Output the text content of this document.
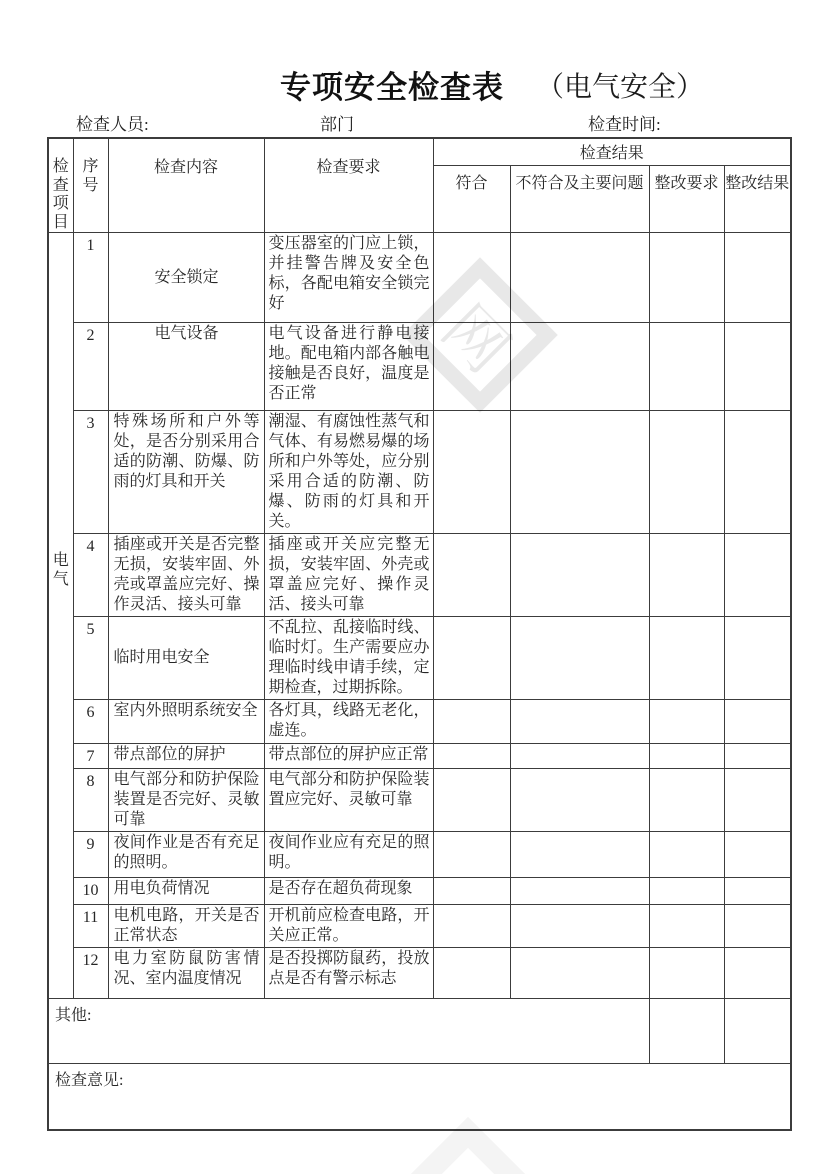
专项安全检查表 （电气安全）
检查人员:	部门	检查时间:
检查项目	序号	检查内容	检查要求	检查结果			
				符合	不符合及主要问题	整改要求	整改结果

电气	1	安全锁定	变压器室的门应上锁，并挂警告牌及安全色标，各配电箱安全锁完好				
	2	电气设备	电气设备进行静电接地。配电箱内部各触电接触是否良好，温度是否正常				
	3	特殊场所和户外等处，是否分别采用合适的防潮、防爆、防雨的灯具和开关	潮湿、有腐蚀性蒸气和气体、有易燃易爆的场所和户外等处，应分别采用合适的防潮、防爆、防雨的灯具和开关。				
	4	插座或开关是否完整无损，安装牢固、外壳或罩盖应完好、操作灵活、接头可靠	插座或开关应完整无损，安装牢固、外壳或罩盖应完好、操作灵活、接头可靠				
	5	临时用电安全	不乱拉、乱接临时线、临时灯。生产需要应办理临时线申请手续，定期检查，过期拆除。				
	6	室内外照明系统安全	各灯具，线路无老化，虚连。				
	7	带点部位的屏护	带点部位的屏护应正常				
	8	电气部分和防护保险装置是否完好、灵敏可靠	电气部分和防护保险装置应完好、灵敏可靠				
	9	夜间作业是否有充足的照明。	夜间作业应有充足的照明。				
	10	用电负荷情况	是否存在超负荷现象				
	11	电机电路，开关是否正常状态	开机前应检查电路，开关应正常。				
	12	电力室防鼠防害情况、室内温度情况	是否投掷防鼠药，投放点是否有警示标志				
其他:							
检查意见:							
网
